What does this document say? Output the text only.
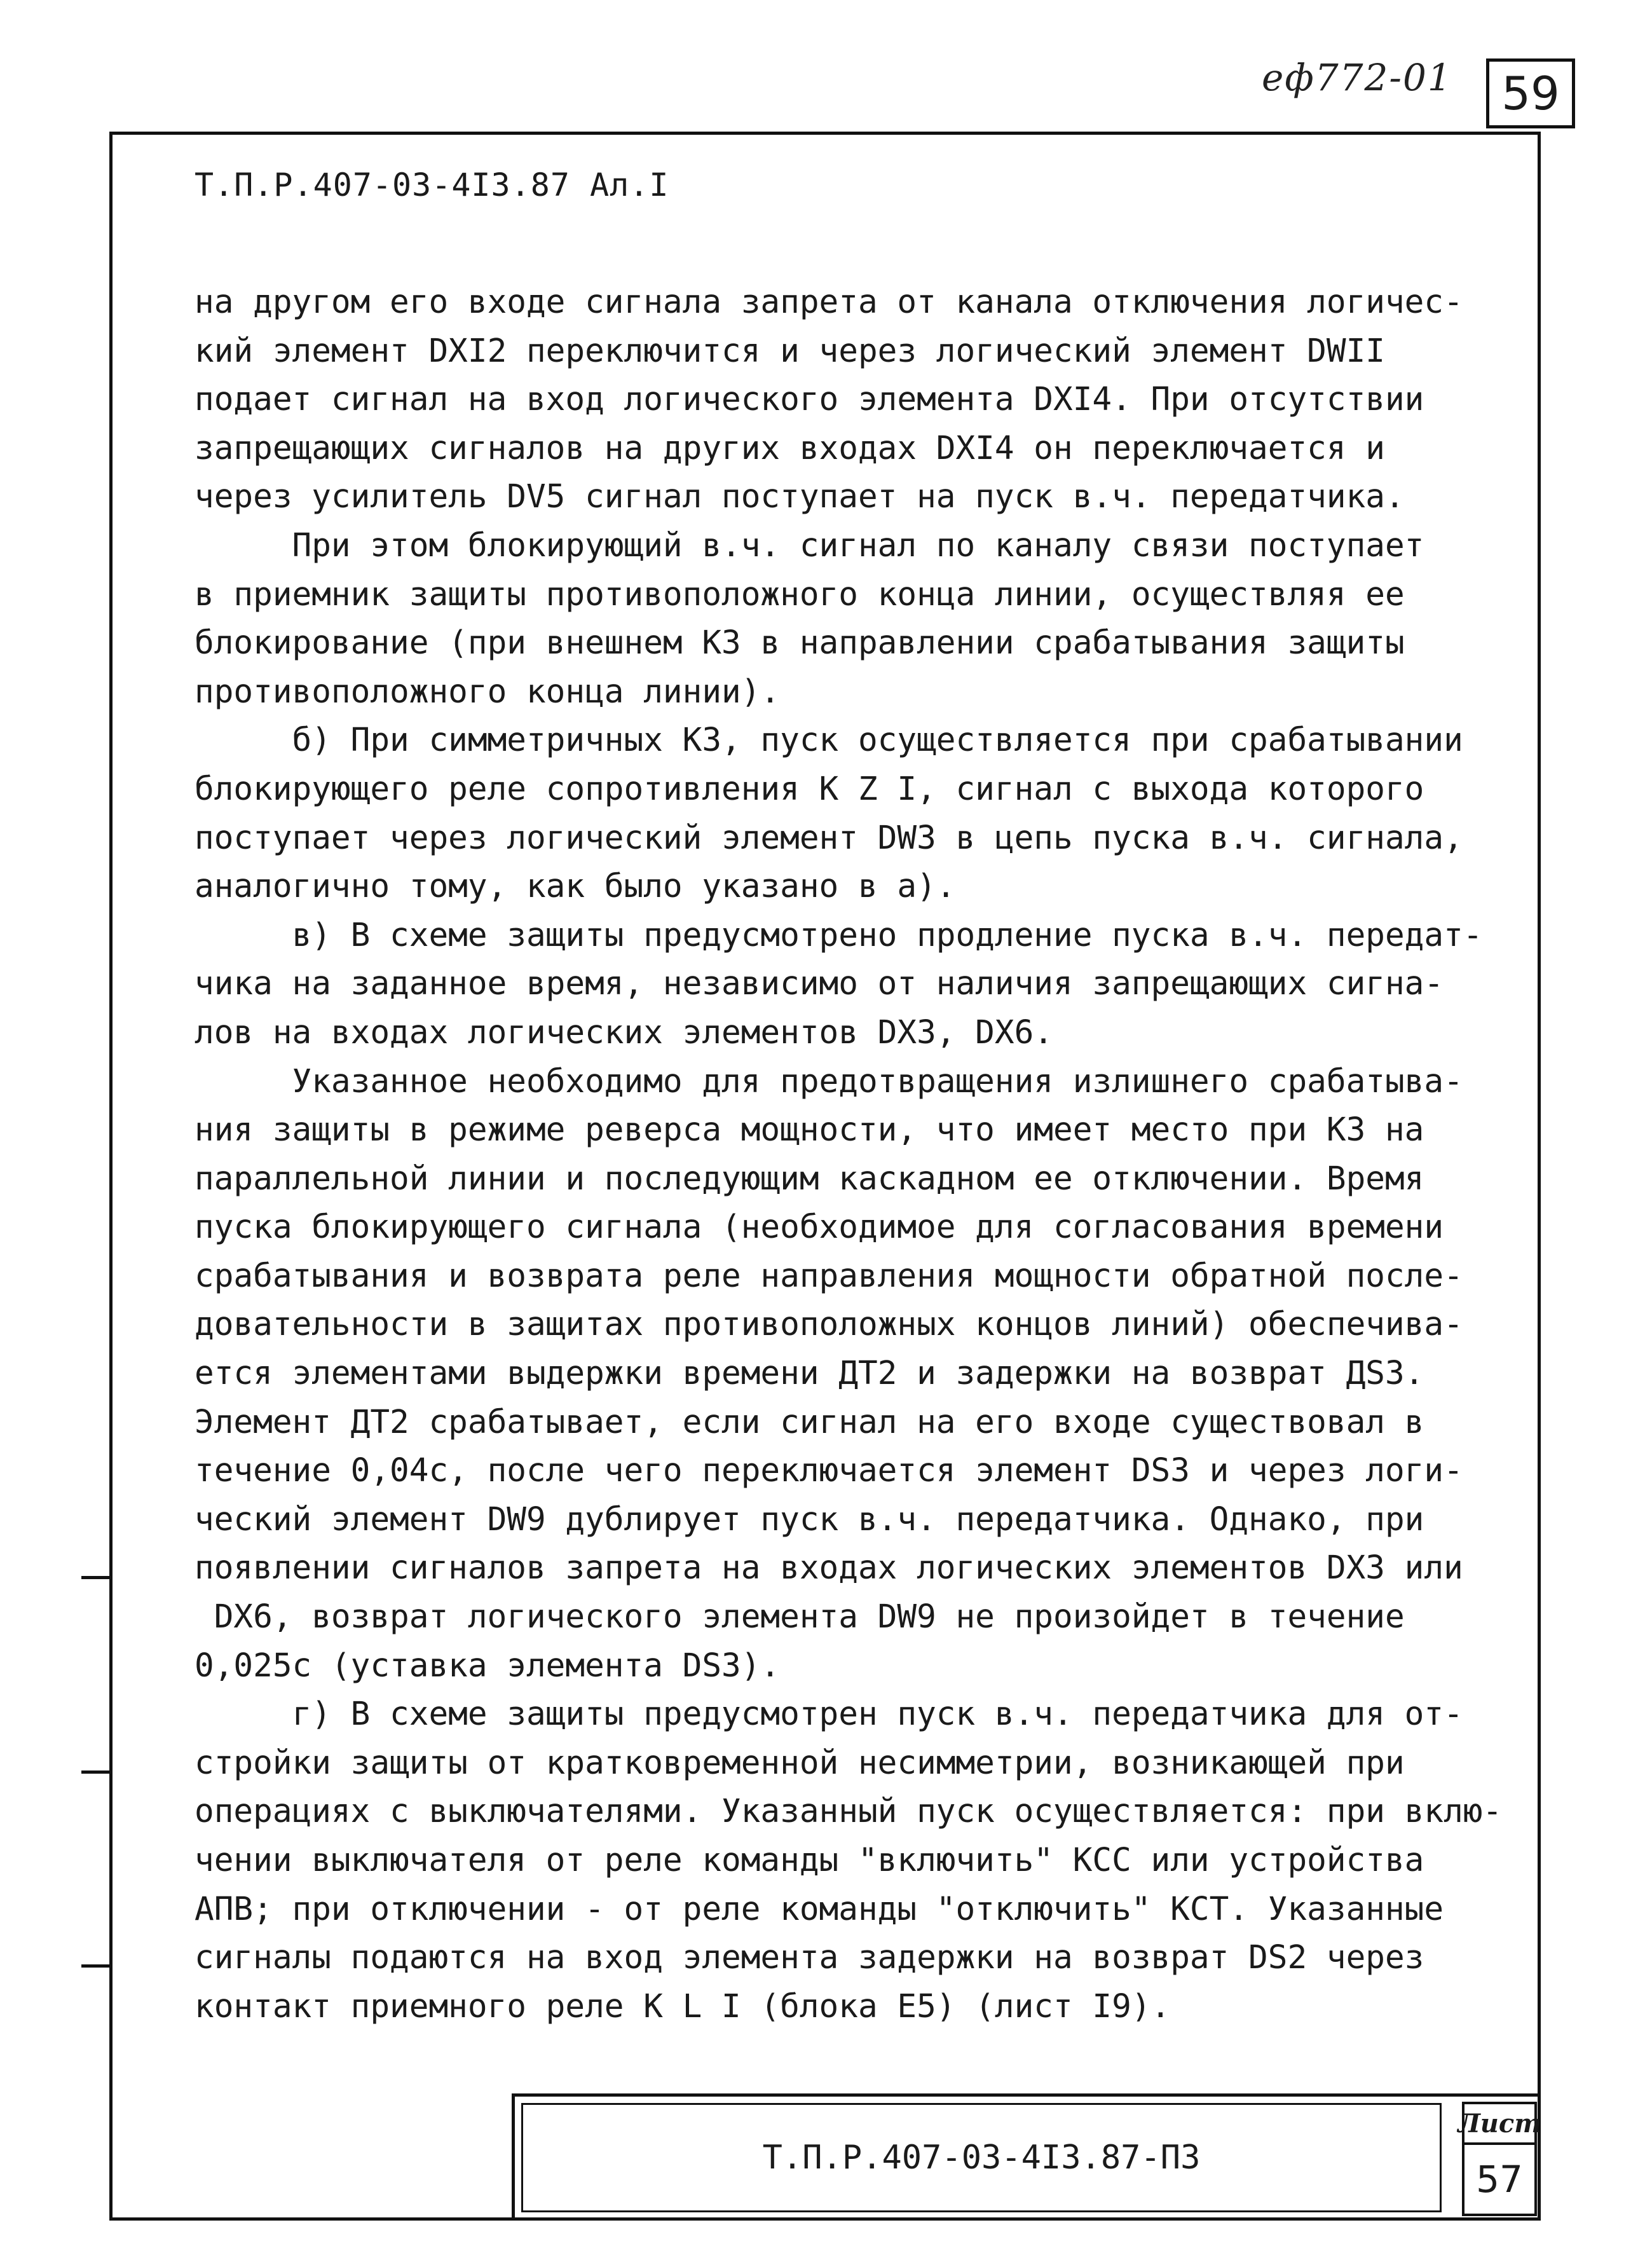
еф772-01 59
Т.П.Р.407-03-4I3.87 Ал.I
на другом его входе сигнала запрета от канала отключения логичес-
кий элемент DXI2 переключится и через логический элемент DWII
подает сигнал на вход логического элемента DXI4. При отсутствии
запрещающих сигналов на других входах DXI4 он переключается и
через усилитель DV5 сигнал поступает на пуск в.ч. передатчика.
При этом блокирующий в.ч. сигнал по каналу связи поступает
в приемник защиты противоположного конца линии, осуществляя ее
блокирование (при внешнем КЗ в направлении срабатывания защиты
противоположного конца линии).
б) При симметричных КЗ, пуск осуществляется при срабатывании
блокирующего реле сопротивления K Z I, сигнал с выхода которого
поступает через логический элемент DW3 в цепь пуска в.ч. сигнала,
аналогично тому, как было указано в а).
в) В схеме защиты предусмотрено продление пуска в.ч. передат-
чика на заданное время, независимо от наличия запрещающих сигна-
лов на входах логических элементов DX3, DX6.
Указанное необходимо для предотвращения излишнего срабатыва-
ния защиты в режиме реверса мощности, что имеет место при КЗ на
параллельной линии и последующим каскадном ее отключении. Время
пуска блокирующего сигнала (необходимое для согласования времени
срабатывания и возврата реле направления мощности обратной после-
довательности в защитах противоположных концов линий) обеспечива-
ется элементами выдержки времени ДТ2 и задержки на возврат ДS3.
Элемент ДТ2 срабатывает, если сигнал на его входе существовал в
течение 0,04с, после чего переключается элемент DS3 и через логи-
ческий элемент DW9 дублирует пуск в.ч. передатчика. Однако, при
появлении сигналов запрета на входах логических элементов DX3 или
DX6, возврат логического элемента DW9 не произойдет в течение
0,025с (уставка элемента DS3).
г) В схеме защиты предусмотрен пуск в.ч. передатчика для от-
стройки защиты от кратковременной несимметрии, возникающей при
операциях с выключателями. Указанный пуск осуществляется: при вклю-
чении выключателя от реле команды "включить" КСС или устройства
АПВ; при отключении - от реле команды "отключить" КСТ. Указанные
сигналы подаются на вход элемента задержки на возврат DS2 через
контакт приемного реле K L I (блока Е5) (лист I9).
Т.П.Р.407-03-4I3.87-ПЗ
Лист
57
